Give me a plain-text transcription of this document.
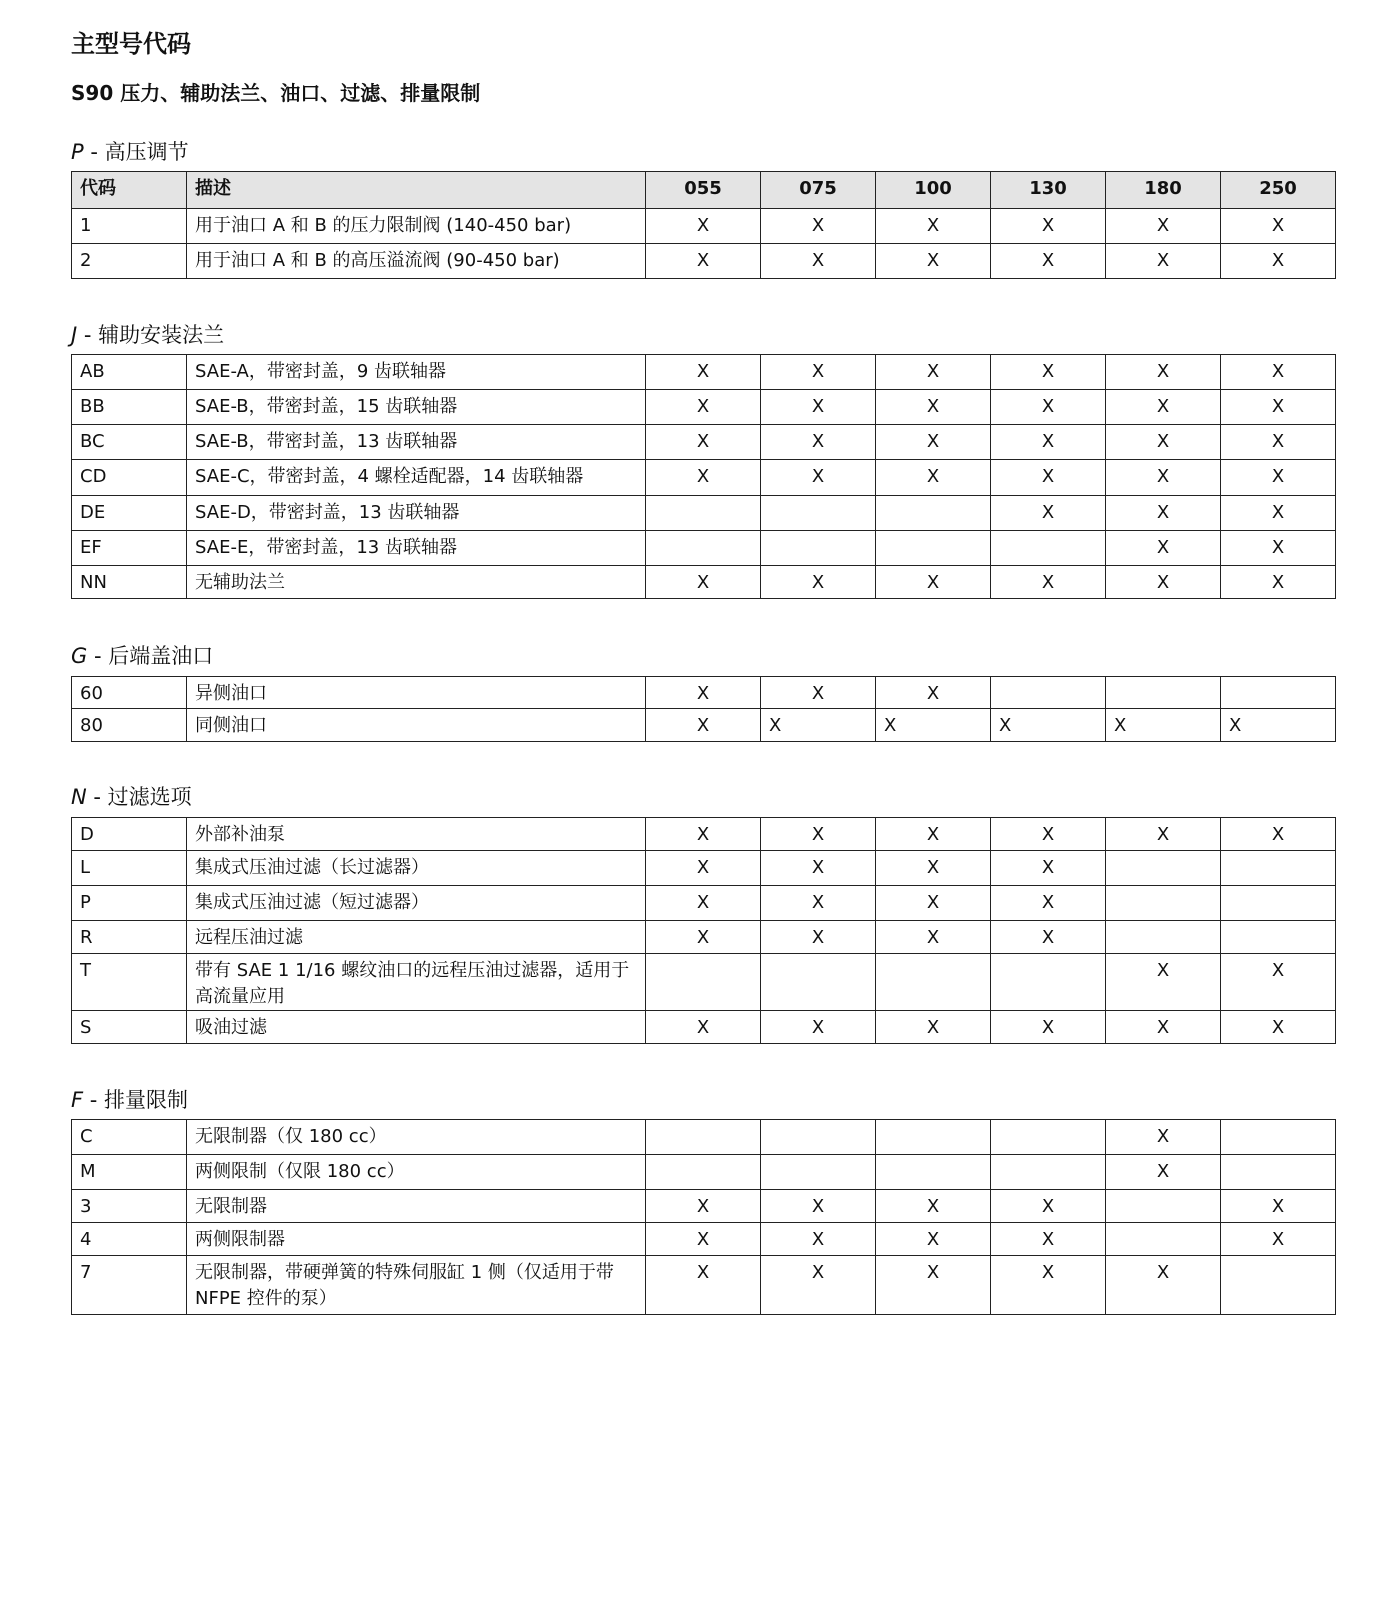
主型号代码
S90 压力、辅助法兰、油口、过滤、排量限制
P - 高压调节
代码	描述	055	075	100	130	180	250
1	用于油口 A 和 B 的压力限制阀 (140-450 bar)	X	X	X	X	X	X
2	用于油口 A 和 B 的高压溢流阀 (90-450 bar)	X	X	X	X	X	X
J - 辅助安装法兰
AB	SAE-A，带密封盖，9 齿联轴器	X	X	X	X	X	X
BB	SAE-B，带密封盖，15 齿联轴器	X	X	X	X	X	X
BC	SAE-B，带密封盖，13 齿联轴器	X	X	X	X	X	X
CD	SAE-C，带密封盖，4 螺栓适配器，14 齿联轴器	X	X	X	X	X	X
DE	SAE-D，带密封盖，13 齿联轴器				X	X	X
EF	SAE-E，带密封盖，13 齿联轴器					X	X
NN	无辅助法兰	X	X	X	X	X	X
G - 后端盖油口
60	异侧油口	X	X	X			
80	同侧油口	X	X	X	X	X	X
N - 过滤选项
D	外部补油泵	X	X	X	X	X	X
L	集成式压油过滤（长过滤器）	X	X	X	X		
P	集成式压油过滤（短过滤器）	X	X	X	X		
R	远程压油过滤	X	X	X	X		
T	带有 SAE 1 1/16 螺纹油口的远程压油过滤器，适用于高流量应用					X	X
S	吸油过滤	X	X	X	X	X	X
F - 排量限制
C	无限制器（仅 180 cc）					X	
M	两侧限制（仅限 180 cc）					X	
3	无限制器	X	X	X	X		X
4	两侧限制器	X	X	X	X		X
7	无限制器，带硬弹簧的特殊伺服缸 1 侧（仅适用于带 NFPE 控件的泵）	X	X	X	X	X	
